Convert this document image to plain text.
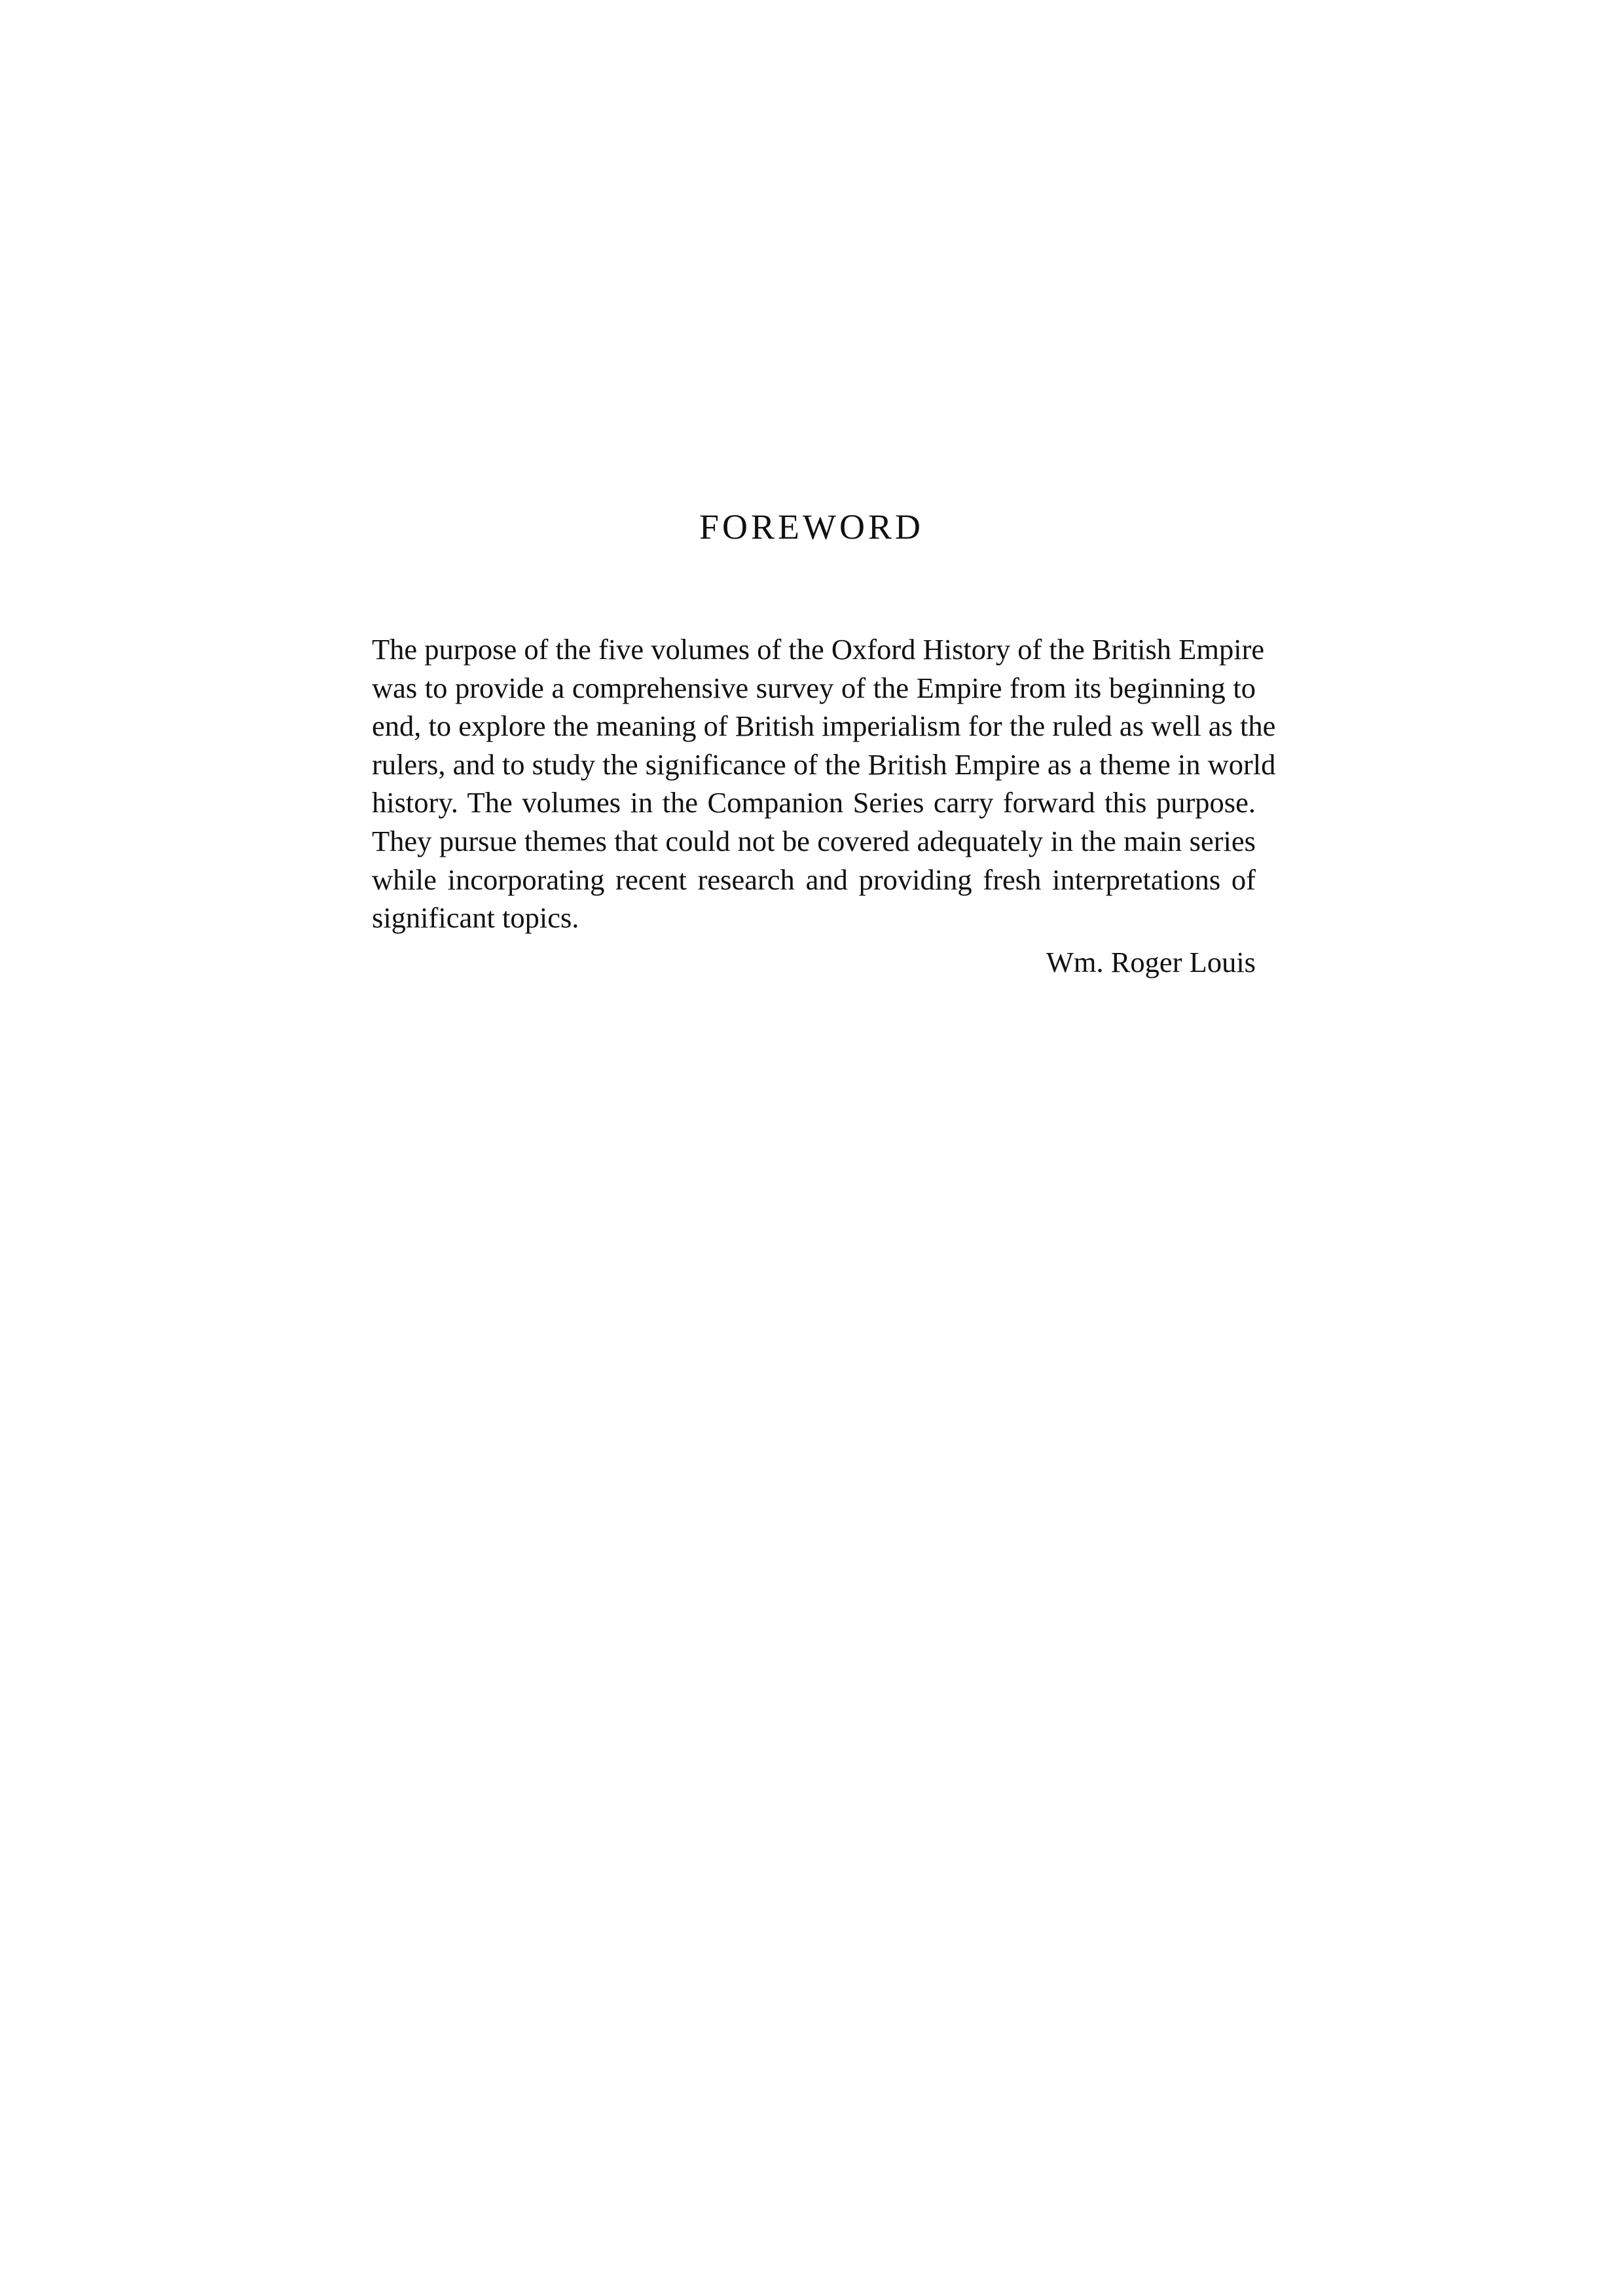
FOREWORD
The purpose of the five volumes of the Oxford History of the British Empire
was to provide a comprehensive survey of the Empire from its beginning to
end, to explore the meaning of British imperialism for the ruled as well as the
rulers, and to study the significance of the British Empire as a theme in world
history. The volumes in the Companion Series carry forward this purpose.
They pursue themes that could not be covered adequately in the main series
while incorporating recent research and providing fresh interpretations of
significant topics.

Wm. Roger Louis
